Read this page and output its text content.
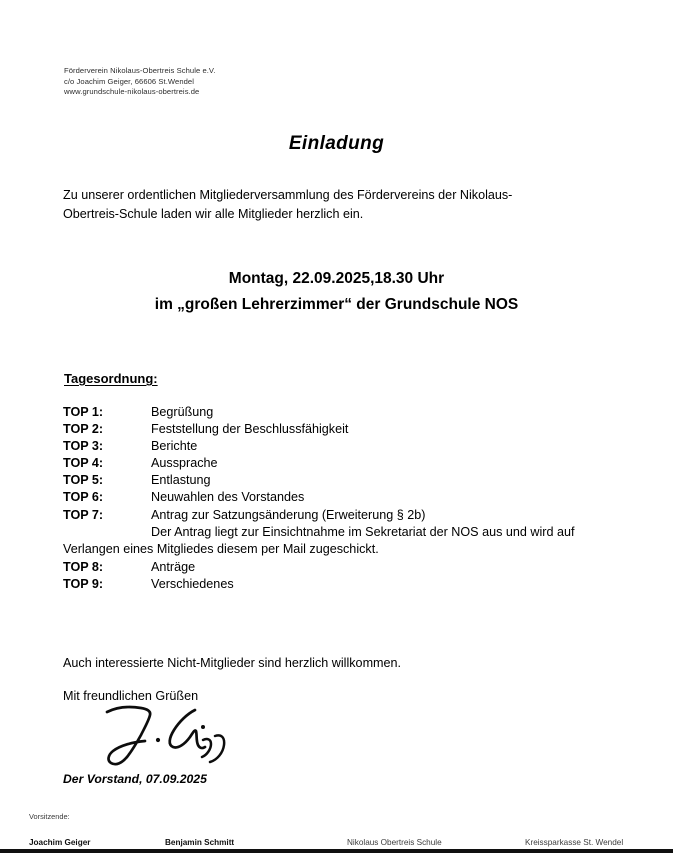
Förderverein Nikolaus-Obertreis Schule e.V.
c/o Joachim Geiger, 66606 St.Wendel
www.grundschule-nikolaus-obertreis.de
Einladung
Zu unserer ordentlichen Mitgliederversammlung des Fördervereins der Nikolaus-
Obertreis-Schule laden wir alle Mitglieder herzlich ein.
Montag, 22.09.2025,18.30 Uhr
im „großen Lehrerzimmer“ der Grundschule NOS
Tagesordnung:
TOP 1:	Begrüßung
TOP 2:	Feststellung der Beschlussfähigkeit
TOP 3:	Berichte
TOP 4:	Aussprache
TOP 5:	Entlastung
TOP 6:	Neuwahlen des Vorstandes
TOP 7:	Antrag zur Satzungsänderung (Erweiterung § 2b)
Der Antrag liegt zur Einsichtnahme im Sekretariat der NOS aus und wird auf Verlangen eines Mitgliedes diesem per Mail zugeschickt.
TOP 8:	Anträge
TOP 9:	Verschiedenes
Auch interessierte Nicht-Mitglieder sind herzlich willkommen.
Mit freundlichen Grüßen
Der Vorstand, 07.09.2025
Vorsitzende:
Joachim Geiger	Benjamin Schmitt	Nikolaus Obertreis Schule	Kreissparkasse St. Wendel
